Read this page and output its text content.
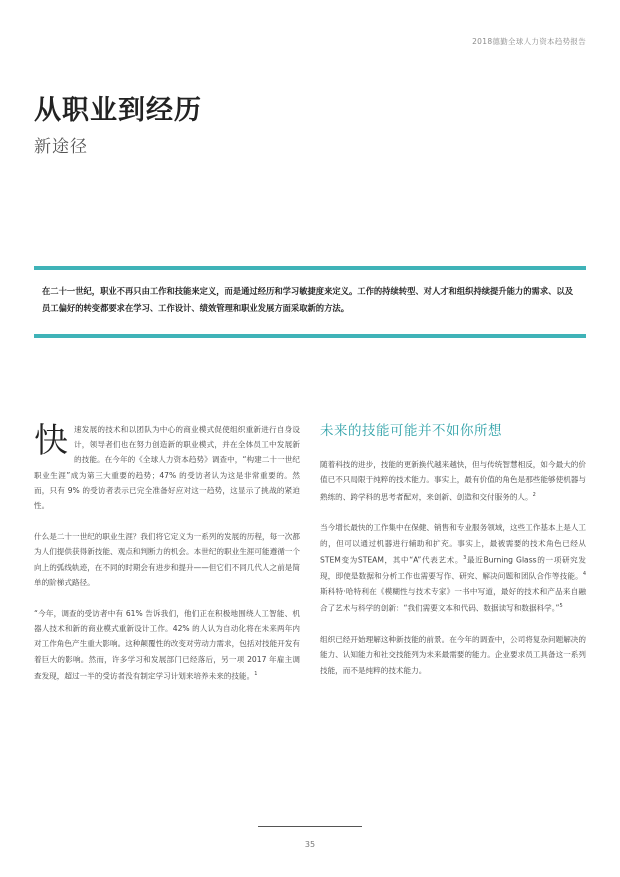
2018德勤全球人力资本趋势报告
从职业到经历
新途径

在二十一世纪，职业不再只由工作和技能来定义，而是通过经历和学习敏捷度来定义。工作的持续转型、对人才和组织持续提升能力的需求、以及员工偏好的转变都要求在学习、工作设计、绩效管理和职业发展方面采取新的方法。

快速发展的技术和以团队为中心的商业模式促使组织重新进行自身设计，领导者们也在努力创造新的职业模式，并在全体员工中发展新的技能。在今年的《全球人力资本趋势》调查中，“构建二十一世纪职业生涯”成为第三大重要的趋势；47% 的受访者认为这是非常重要的。然而，只有 9% 的受访者表示已完全准备好应对这一趋势，这显示了挑战的紧迫性。

什么是二十一世纪的职业生涯？我们将它定义为一系列的发展的历程，每一次都为人们提供获得新技能、观点和判断力的机会。本世纪的职业生涯可能遵循一个向上的弧线轨迹，在不同的时期会有进步和提升——但它们不同几代人之前是简单的阶梯式路径。

“今年，调查的受访者中有 61% 告诉我们，他们正在积极地围绕人工智能、机器人技术和新的商业模式重新设计工作。42% 的人认为自动化将在未来两年内对工作角色产生重大影响。这种颠覆性的改变对劳动力需求，包括对技能开发有着巨大的影响。然而，许多学习和发展部门已经落后，另一项 2017 年雇主调查发现，超过一半的受访者没有制定学习计划来培养未来的技能。$^1$

未来的技能可能并不如你所想

随着科技的进步，技能的更新换代越来越快，但与传统智慧相反，如今最大的价值已不只局限于纯粹的技术能力。事实上，最有价值的角色是那些能够使机器与熟练的、跨学科的思考者配对，来创新、创造和交付服务的人。$^2$

当今增长最快的工作集中在保健、销售和专业服务领域，这些工作基本上是人工的，但可以通过机器进行辅助和扩充。事实上，最被需要的技术角色已经从STEM变为STEAM，其中“A”代表艺术。$^3$最近Burning Glass的一项研究发现，即使是数据和分析工作也需要写作、研究、解决问题和团队合作等技能。$^4$斯科特·哈特利在《模糊性与技术专家》一书中写道，最好的技术和产品来自融合了艺术与科学的创新：“我们需要文本和代码、数据读写和数据科学。”$^5$

组织已经开始理解这种新技能的前景。在今年的调查中，公司将复杂问题解决的能力、认知能力和社交技能列为未来最需要的能力。企业要求员工具备这一系列技能，而不是纯粹的技术能力。

35
